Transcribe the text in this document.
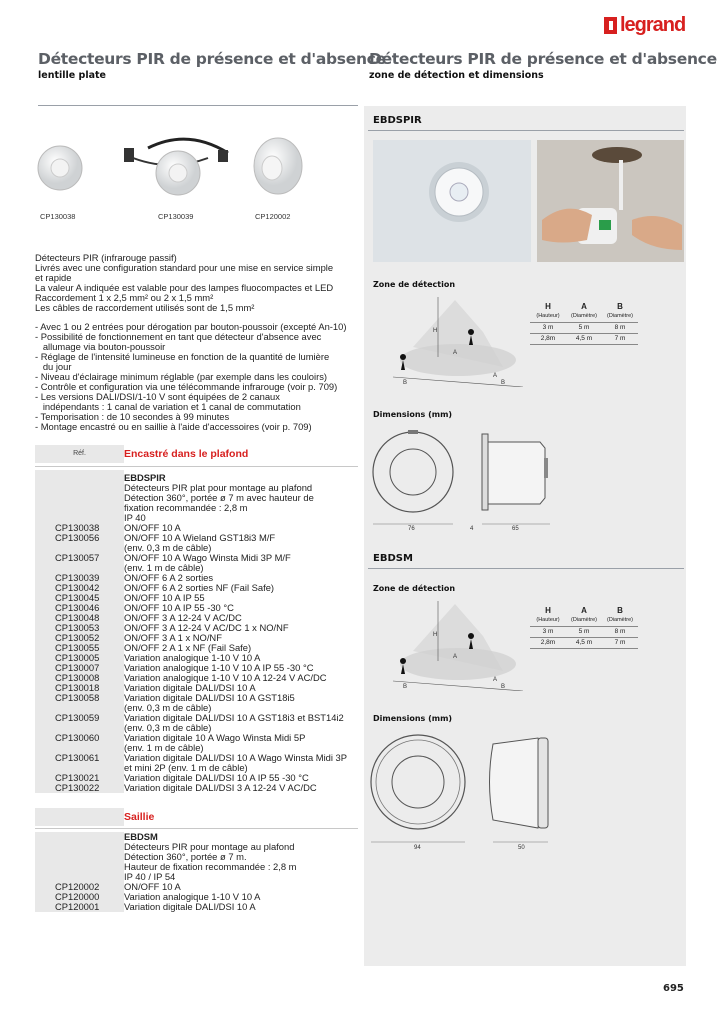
legrand
Détecteurs PIR de présence et d'absence
lentille plate
CP130038	CP130039	CP120002

Détecteurs PIR (infrarouge passif)

Livrés avec une configuration standard pour une mise en service simple

et rapide

La valeur A indiquée est valable pour des lampes fluocompactes et LED

Raccordement 1 x 2,5 mm² ou 2 x 1,5 mm²

Les câbles de raccordement utilisés sont de 1,5 mm²

- Avec 1 ou 2 entrées pour dérogation par bouton-poussoir (excepté An-10)

- Possibilité de fonctionnement en tant que détecteur d'absence avec

allumage via bouton-poussoir

- Réglage de l'intensité lumineuse en fonction de la quantité de lumière

du jour

- Niveau d'éclairage minimum réglable (par exemple dans les couloirs)

- Contrôle et configuration via une télécommande infrarouge (voir p. 709)

- Les versions DALI/DSI/1-10 V sont équipées de 2 canaux

indépendants : 1 canal de variation et 1 canal de commutation

- Temporisation : de 10 secondes à 99 minutes

- Montage encastré ou en saillie à l'aide d'accessoires (voir p. 709)

Réf.	Encastré dans le plafond
EBDSPIR
Détecteurs PIR plat pour montage au plafond
Détection 360°, portée ø 7 m avec hauteur de
fixation recommandée : 2,8 m
IP 40
CP130038	ON/OFF 10 A
CP130056	ON/OFF 10 A Wieland GST18i3 M/F
(env. 0,3 m de câble)
CP130057	ON/OFF 10 A Wago Winsta Midi 3P M/F
(env. 1 m de câble)
CP130039	ON/OFF 6 A 2 sorties
CP130042	ON/OFF 6 A 2 sorties NF (Fail Safe)
CP130045	ON/OFF 10 A IP 55
CP130046	ON/OFF 10 A IP 55 -30 °C
CP130048	ON/OFF 3 A 12-24 V AC/DC
CP130053	ON/OFF 3 A 12-24 V AC/DC 1 x NO/NF
CP130052	ON/OFF 3 A 1 x NO/NF
CP130055	ON/OFF 2 A 1 x NF (Fail Safe)
CP130005	Variation analogique 1-10 V 10 A
CP130007	Variation analogique 1-10 V 10 A IP 55 -30 °C
CP130008	Variation analogique 1-10 V 10 A 12-24 V AC/DC
CP130018	Variation digitale DALI/DSI 10 A
CP130058	Variation digitale DALI/DSI 10 A GST18i5
(env. 0,3 m de câble)
CP130059	Variation digitale DALI/DSI 10 A GST18i3 et BST14i2
(env. 0,3 m de câble)
CP130060	Variation digitale 10 A Wago Winsta Midi 5P
(env. 1 m de câble)
CP130061	Variation digitale DALI/DSI 10 A Wago Winsta Midi 3P
et mini 2P (env. 1 m de câble)
CP130021	Variation digitale DALI/DSI 10 A IP 55 -30 °C
CP130022	Variation digitale DALI/DSI 3 A 12-24 V AC/DC
Saillie
EBDSM
Détecteurs PIR pour montage au plafond
Détection 360°, portée ø 7 m.
Hauteur de fixation recommandée : 2,8 m
IP 40 / IP 54
CP120002	ON/OFF 10 A
CP120000	Variation analogique 1-10 V 10 A
CP120001	Variation digitale DALI/DSI 10 A
Détecteurs PIR de présence et d'absence
zone de détection et dimensions
EBDSPIR
Zone de détection
H
A
B
A
B
H	A	B
(Hauteur)	(Diamètre)	(Diamètre)
3 m	5 m	8 m
2,8m	4,5 m	7 m
Dimensions (mm)
76	4	65
EBDSM
Zone de détection
H
A
B
A
B
H	A	B
(Hauteur)	(Diamètre)	(Diamètre)
3 m	5 m	8 m
2,8m	4,5 m	7 m
Dimensions (mm)
94	50
695
